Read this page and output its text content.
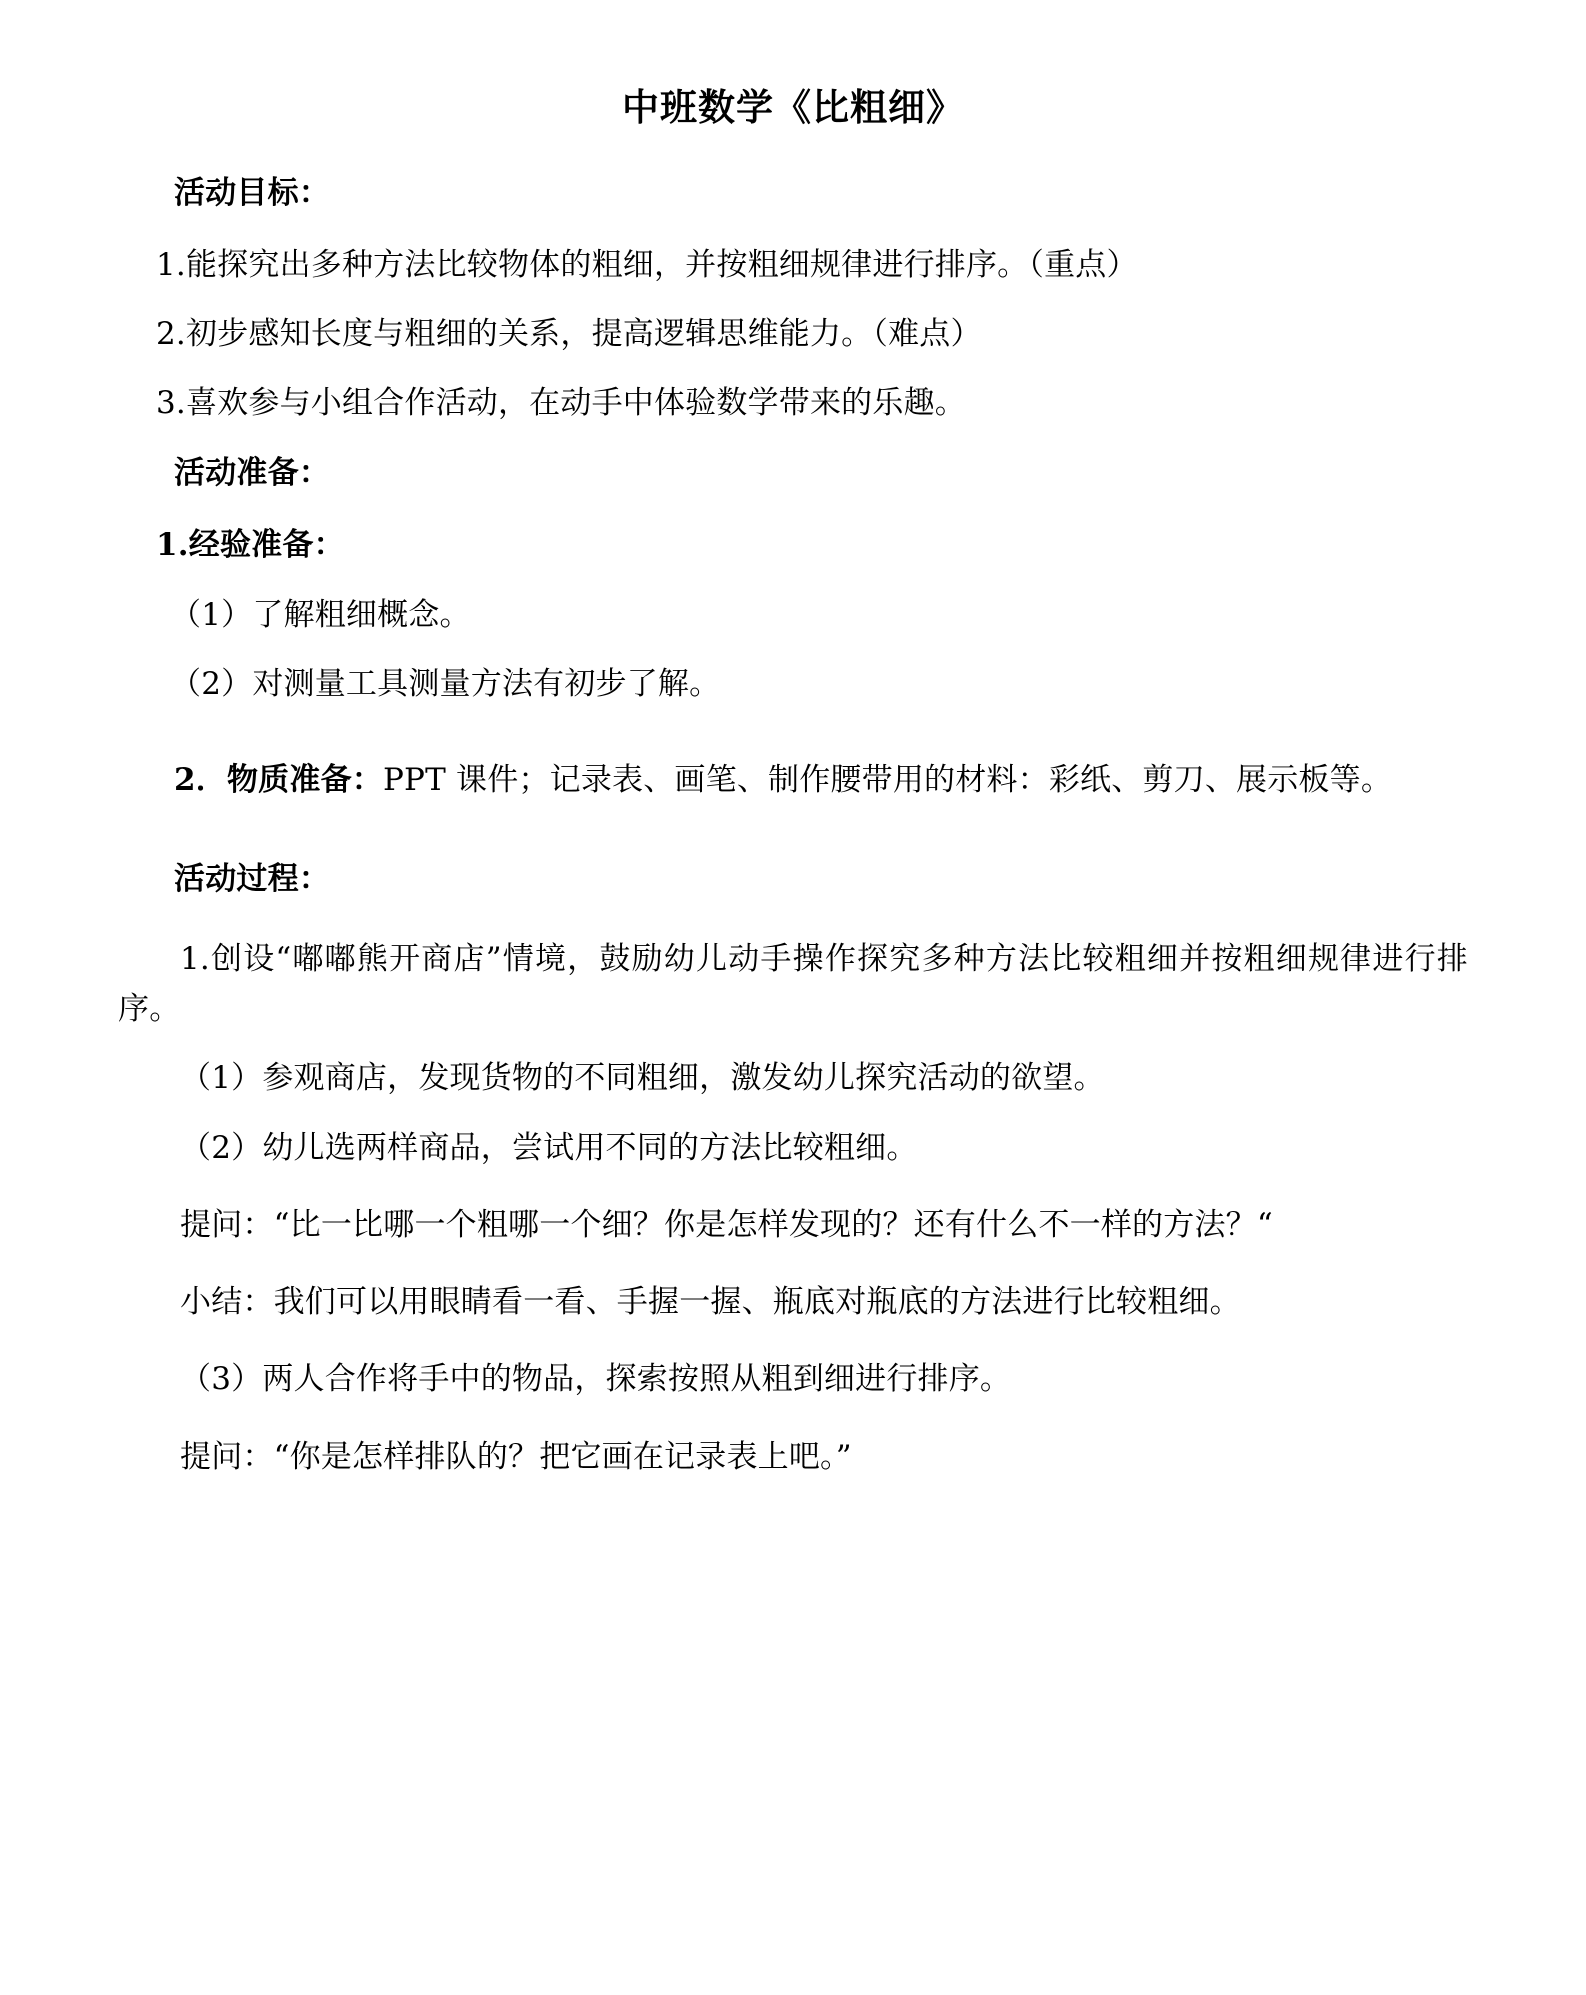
中班数学《比粗细》

活动目标：

1.能探究出多种方法比较物体的粗细，并按粗细规律进行排序。（重点）

2.初步感知长度与粗细的关系，提高逻辑思维能力。（难点）

3.喜欢参与小组合作活动，在动手中体验数学带来的乐趣。

活动准备：

1.经验准备：

（1）了解粗细概念。

（2）对测量工具测量方法有初步了解。

2．物质准备：PPT 课件；记录表、画笔、制作腰带用的材料：彩纸、剪刀、展示板等。

活动过程：

1.创设“嘟嘟熊开商店”情境，鼓励幼儿动手操作探究多种方法比较粗细并按粗细规律进行排序。

（1）参观商店，发现货物的不同粗细，激发幼儿探究活动的欲望。

（2）幼儿选两样商品，尝试用不同的方法比较粗细。

提问：“比一比哪一个粗哪一个细？你是怎样发现的？还有什么不一样的方法？“

小结：我们可以用眼睛看一看、手握一握、瓶底对瓶底的方法进行比较粗细。

（3）两人合作将手中的物品，探索按照从粗到细进行排序。

提问：“你是怎样排队的？把它画在记录表上吧。”
